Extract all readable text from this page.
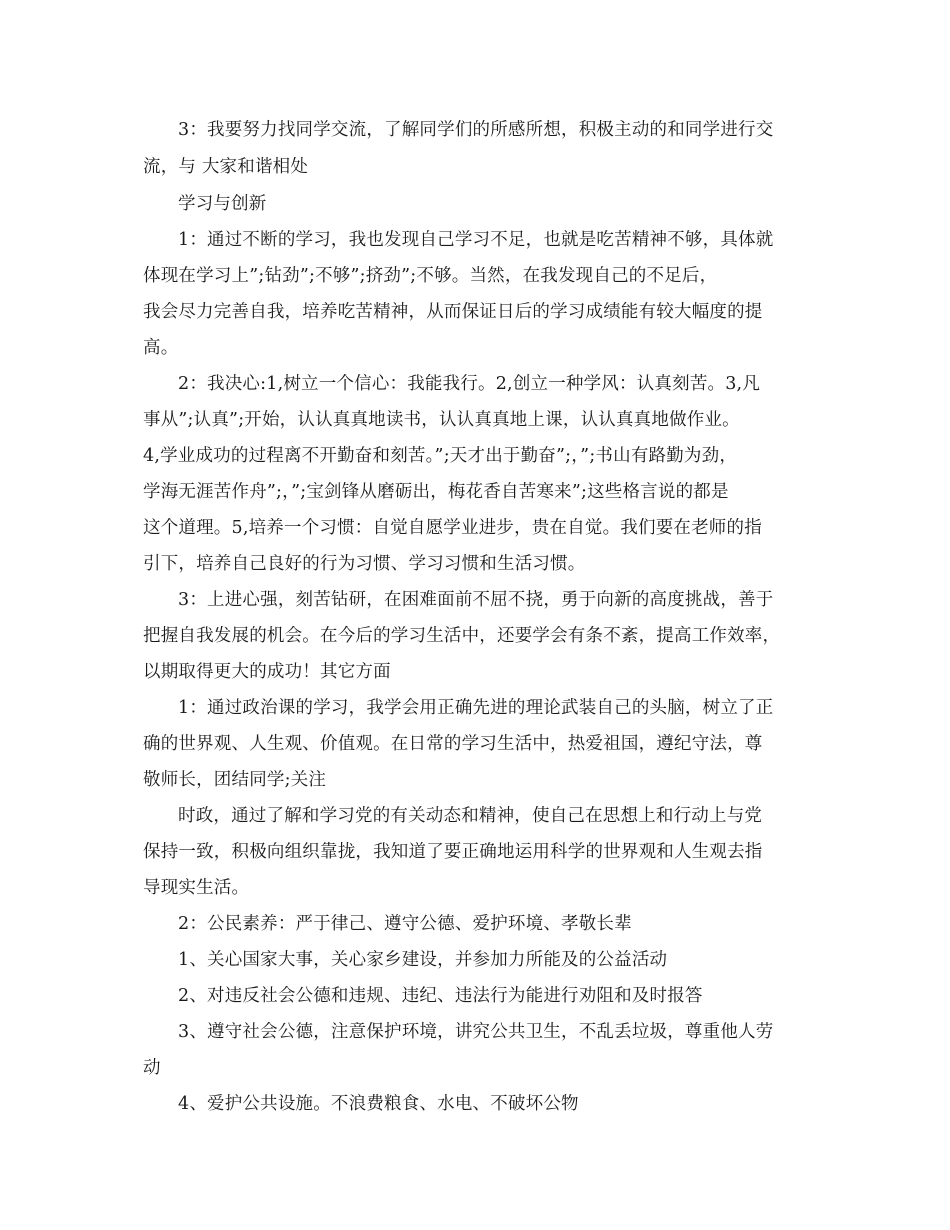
3：我要努力找同学交流，了解同学们的所感所想，积极主动的和同学进行交
流，与 大家和谐相处
学习与创新
1：通过不断的学习，我也发现自己学习不足，也就是吃苦精神不够，具体就
体现在学习上”;钻劲”;不够”;挤劲”;不够。当然，在我发现自己的不足后，
我会尽力完善自我，培养吃苦精神，从而保证日后的学习成绩能有较大幅度的提
高。
2：我决心:1,树立一个信心：我能我行。2,创立一种学风：认真刻苦。3,凡
事从”;认真”;开始，认认真真地读书，认认真真地上课，认认真真地做作业。
4,学业成功的过程离不开勤奋和刻苦。”;天才出于勤奋”;，”;书山有路勤为劲，
学海无涯苦作舟”;，”;宝剑锋从磨砺出，梅花香自苦寒来”;这些格言说的都是
这个道理。5,培养一个习惯：自觉自愿学业进步，贵在自觉。我们要在老师的指
引下，培养自己良好的行为习惯、学习习惯和生活习惯。
3：上进心强，刻苦钻研，在困难面前不屈不挠，勇于向新的高度挑战，善于
把握自我发展的机会。在今后的学习生活中，还要学会有条不紊，提高工作效率，
以期取得更大的成功！其它方面
1：通过政治课的学习，我学会用正确先进的理论武装自己的头脑，树立了正
确的世界观、人生观、价值观。在日常的学习生活中，热爱祖国，遵纪守法，尊
敬师长，团结同学;关注
时政，通过了解和学习党的有关动态和精神，使自己在思想上和行动上与党
保持一致，积极向组织靠拢，我知道了要正确地运用科学的世界观和人生观去指
导现实生活。
2：公民素养：严于律己、遵守公德、爱护环境、孝敬长辈
1、关心国家大事，关心家乡建设，并参加力所能及的公益活动
2、对违反社会公德和违规、违纪、违法行为能进行劝阻和及时报答
3、遵守社会公德，注意保护环境，讲究公共卫生，不乱丢垃圾，尊重他人劳
动
4、爱护公共设施。不浪费粮食、水电、不破坏公物
